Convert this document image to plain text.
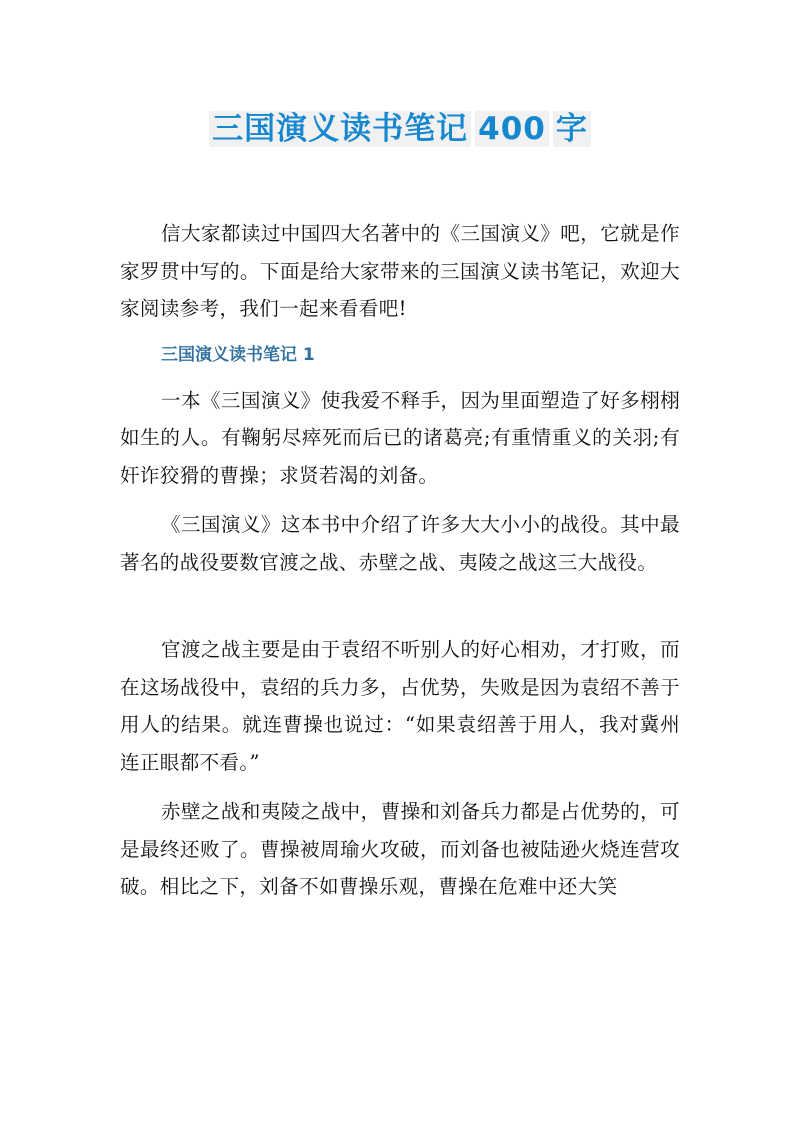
三国演义读书笔记 400 字

信大家都读过中国四大名著中的《三国演义》吧，它就是作家罗贯中写的。下面是给大家带来的三国演义读书笔记，欢迎大家阅读参考，我们一起来看看吧!

三国演义读书笔记 1

一本《三国演义》使我爱不释手，因为里面塑造了好多栩栩如生的人。有鞠躬尽瘁死而后已的诸葛亮;有重情重义的关羽;有奸诈狡猾的曹操；求贤若渴的刘备。

《三国演义》这本书中介绍了许多大大小小的战役。其中最著名的战役要数官渡之战、赤壁之战、夷陵之战这三大战役。

官渡之战主要是由于袁绍不听别人的好心相劝，才打败，而在这场战役中，袁绍的兵力多，占优势，失败是因为袁绍不善于用人的结果。就连曹操也说过：“如果袁绍善于用人，我对冀州连正眼都不看。”

赤壁之战和夷陵之战中，曹操和刘备兵力都是占优势的，可是最终还败了。曹操被周瑜火攻破，而刘备也被陆逊火烧连营攻破。相比之下，刘备不如曹操乐观，曹操在危难中还大笑
